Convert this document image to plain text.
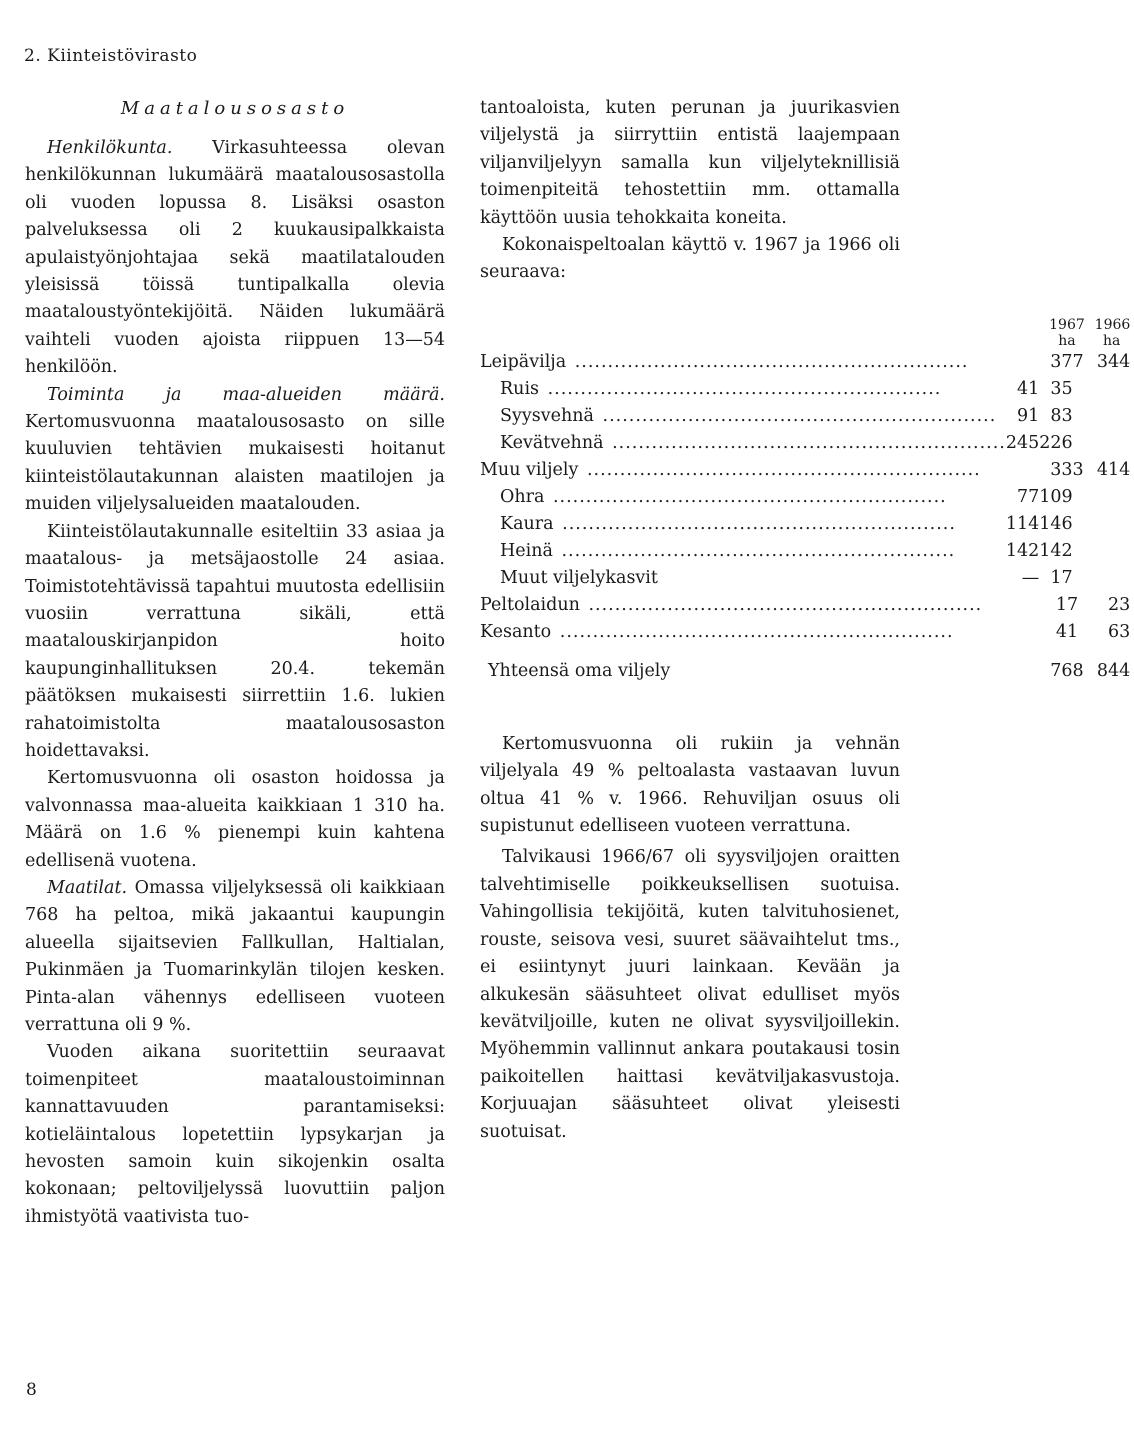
2. Kiinteistövirasto
Maatalousosasto

Henkilökunta. Virkasuhteessa olevan henkilökunnan lukumäärä maatalousosastolla oli vuoden lopussa 8. Lisäksi osaston palveluksessa oli 2 kuukausipalkkaista apulaistyönjohtajaa sekä maatilatalouden yleisissä töissä tuntipalkalla olevia maataloustyöntekijöitä. Näiden lukumäärä vaihteli vuoden ajoista riippuen 13—54 henkilöön.

Toiminta ja maa-alueiden määrä. Kertomusvuonna maatalousosasto on sille kuuluvien tehtävien mukaisesti hoitanut kiinteistölautakunnan alaisten maatilojen ja muiden viljelysalueiden maatalouden.

Kiinteistölautakunnalle esiteltiin 33 asiaa ja maatalous- ja metsäjaostolle 24 asiaa. Toimistotehtävissä tapahtui muutosta edellisiin vuosiin verrattuna sikäli, että maatalouskirjanpidon hoito kaupunginhallituksen 20.4. tekemän päätöksen mukaisesti siirrettiin 1.6. lukien rahatoimistolta maatalousosaston hoidettavaksi.

Kertomusvuonna oli osaston hoidossa ja valvonnassa maa-alueita kaikkiaan 1 310 ha. Määrä on 1.6 % pienempi kuin kahtena edellisenä vuotena.

Maatilat. Omassa viljelyksessä oli kaikkiaan 768 ha peltoa, mikä jakaantui kaupungin alueella sijaitsevien Fallkullan, Haltialan, Pukinmäen ja Tuomarinkylän tilojen kesken. Pinta-alan vähennys edelliseen vuoteen verrattuna oli 9 %.

Vuoden aikana suoritettiin seuraavat toimenpiteet maataloustoiminnan kannattavuuden parantamiseksi: kotieläintalous lopetettiin lypsykarjan ja hevosten samoin kuin sikojenkin osalta kokonaan; peltoviljelyssä luovuttiin paljon ihmistyötä vaativista tuo-

tantoaloista, kuten perunan ja juurikasvien viljelystä ja siirryttiin entistä laajempaan viljanviljelyyn samalla kun viljelyteknillisiä toimenpiteitä tehostettiin mm. ottamalla käyttöön uusia tehokkaita koneita.

Kokonaispeltoalan käyttö v. 1967 ja 1966 oli seuraava:

		1967	1966
		ha	ha
Leipävilja ............................................................		377	344
Ruis ............................................................	41	35	
Syysvehnä ............................................................	91	83	
Kevätvehnä ............................................................	245	226	
Muu viljely ............................................................		333	414
Ohra ............................................................	77	109	
Kaura ............................................................	114	146	
Heinä ............................................................	142	142	
Muut viljelykasvit	—	17	
Peltolaidun ............................................................		17	23
Kesanto ............................................................		41	63
Yhteensä oma viljely		768	844

Kertomusvuonna oli rukiin ja vehnän viljelyala 49 % peltoalasta vastaavan luvun oltua 41 % v. 1966. Rehuviljan osuus oli supistunut edelliseen vuoteen verrattuna.

Talvikausi 1966/67 oli syysviljojen oraitten talvehtimiselle poikkeuksellisen suotuisa. Vahingollisia tekijöitä, kuten talvituhosienet, rouste, seisova vesi, suuret säävaihtelut tms., ei esiintynyt juuri lainkaan. Kevään ja alkukesän sääsuhteet olivat edulliset myös kevätviljoille, kuten ne olivat syysviljoillekin. Myöhemmin vallinnut ankara poutakausi tosin paikoitellen haittasi kevätviljakasvustoja. Korjuuajan sääsuhteet olivat yleisesti suotuisat.

8
